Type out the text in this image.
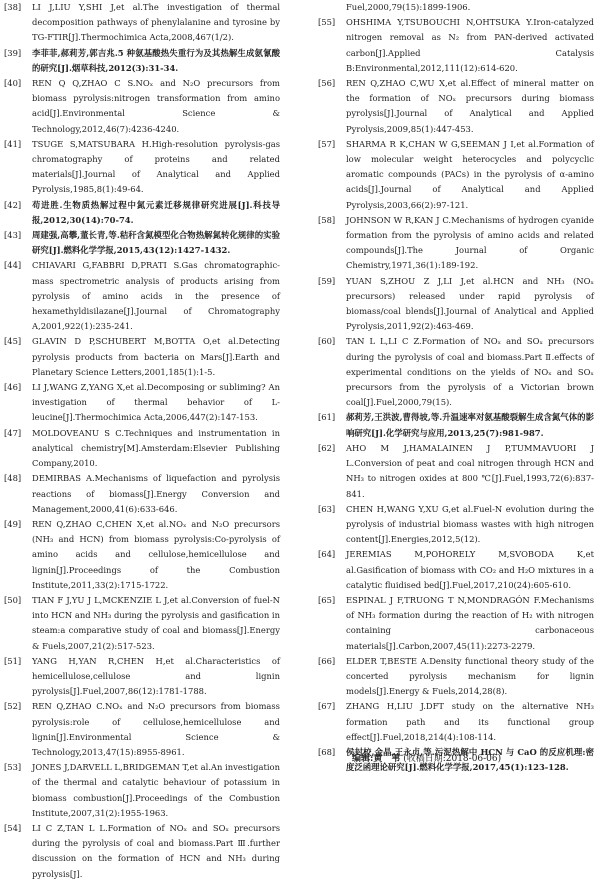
[38]	LI J,LIU Y,SHI J,et al.The investigation of thermal decomposition pathways of phenylalanine and tyrosine by TG-FTIR[J].Thermochimica Acta,2008,467(1/2).

[39]	李菲菲,郝莉芳,郭吉兆.5 种氨基酸热失重行为及其热解生成氨氰酸的研究[J].烟草科技,2012(3):31-34.

[40]	REN Q Q,ZHAO C S.NOₓ and N₂O precursors from biomass pyrolysis:nitrogen transformation from amino acid[J].Environmental Science & Technology,2012,46(7):4236-4240.

[41]	TSUGE S,MATSUBARA H.High-resolution pyrolysis-gas chromatography of proteins and related materials[J].Journal of Analytical and Applied Pyrolysis,1985,8(1):49-64.

[42]	苟进胜.生物质热解过程中氮元素迁移规律研究进展[J].科技导报,2012,30(14):70-74.

[43]	周建强,高攀,董长青,等.秸秆含氮模型化合物热解氮转化规律的实验研究[J].燃料化学学报,2015,43(12):1427-1432.

[44]	CHIAVARI G,FABBRI D,PRATI S.Gas chromatographic-mass spectrometric analysis of products arising from pyrolysis of amino acids in the presence of hexamethyldisilazane[J].Journal of Chromatography A,2001,922(1):235-241.

[45]	GLAVIN D P,SCHUBERT M,BOTTA O,et al.Detecting pyrolysis products from bacteria on Mars[J].Earth and Planetary Science Letters,2001,185(1):1-5.

[46]	LI J,WANG Z,YANG X,et al.Decomposing or subliming? An investigation of thermal behavior of L-leucine[J].Thermochimica Acta,2006,447(2):147-153.

[47]	MOLDOVEANU S C.Techniques and instrumentation in analytical chemistry[M].Amsterdam:Elsevier Publishing Company,2010.

[48]	DEMIRBAS A.Mechanisms of liquefaction and pyrolysis reactions of biomass[J].Energy Conversion and Management,2000,41(6):633-646.

[49]	REN Q,ZHAO C,CHEN X,et al.NOₓ and N₂O precursors (NH₃ and HCN) from biomass pyrolysis:Co-pyrolysis of amino acids and cellulose,hemicellulose and lignin[J].Proceedings of the Combustion Institute,2011,33(2):1715-1722.

[50]	TIAN F J,YU J L,MCKENZIE L J,et al.Conversion of fuel-N into HCN and NH₃ during the pyrolysis and gasification in steam:a comparative study of coal and biomass[J].Energy & Fuels,2007,21(2):517-523.

[51]	YANG H,YAN R,CHEN H,et al.Characteristics of hemicellulose,cellulose and lignin pyrolysis[J].Fuel,2007,86(12):1781-1788.

[52]	REN Q,ZHAO C.NOₓ and N₂O precursors from biomass pyrolysis:role of cellulose,hemicellulose and lignin[J].Environmental Science & Technology,2013,47(15):8955-8961.

[53]	JONES J,DARVELL L,BRIDGEMAN T,et al.An investigation of the thermal and catalytic behaviour of potassium in biomass combustion[J].Proceedings of the Combustion Institute,2007,31(2):1955-1963.

[54]	LI C Z,TAN L L.Formation of NOₓ and SOₓ precursors during the pyrolysis of coal and biomass.Part Ⅲ.further discussion on the formation of HCN and NH₃ during pyrolysis[J].

Fuel,2000,79(15):1899-1906.

[55]	OHSHIMA Y,TSUBOUCHI N,OHTSUKA Y.Iron-catalyzed nitrogen removal as N₂ from PAN-derived activated carbon[J].Applied Catalysis B:Environmental,2012,111(12):614-620.

[56]	REN Q,ZHAO C,WU X,et al.Effect of mineral matter on the formation of NOₓ precursors during biomass pyrolysis[J].Journal of Analytical and Applied Pyrolysis,2009,85(1):447-453.

[57]	SHARMA R K,CHAN W G,SEEMAN J I,et al.Formation of low molecular weight heterocycles and polycyclic aromatic compounds (PACs) in the pyrolysis of α-amino acids[J].Journal of Analytical and Applied Pyrolysis,2003,66(2):97-121.

[58]	JOHNSON W R,KAN J C.Mechanisms of hydrogen cyanide formation from the pyrolysis of amino acids and related compounds[J].The Journal of Organic Chemistry,1971,36(1):189-192.

[59]	YUAN S,ZHOU Z J,LI J,et al.HCN and NH₃ (NOₓ precursors) released under rapid pyrolysis of biomass/coal blends[J].Journal of Analytical and Applied Pyrolysis,2011,92(2):463-469.

[60]	TAN L L,LI C Z.Formation of NOₓ and SOₓ precursors during the pyrolysis of coal and biomass.Part Ⅱ.effects of experimental conditions on the yields of NOₓ and SOₓ precursors from the pyrolysis of a Victorian brown coal[J].Fuel,2000,79(15).

[61]	郝莉芳,王洪波,曹得坡,等.升温速率对氨基酸裂解生成含氮气体的影响研究[J].化学研究与应用,2013,25(7):981-987.

[62]	AHO M J,HAMALAINEN J P,TUMMAVUORI J L.Conversion of peat and coal nitrogen through HCN and NH₃ to nitrogen oxides at 800 ℃[J].Fuel,1993,72(6):837-841.

[63]	CHEN H,WANG Y,XU G,et al.Fuel-N evolution during the pyrolysis of industrial biomass wastes with high nitrogen content[J].Energies,2012,5(12).

[64]	JEREMIAS M,POHORELY M,SVOBODA K,et al.Gasification of biomass with CO₂ and H₂O mixtures in a catalytic fluidised bed[J].Fuel,2017,210(24):605-610.

[65]	ESPINAL J F,TRUONG T N,MONDRAGÓN F.Mechanisms of NH₃ formation during the reaction of H₂ with nitrogen containing carbonaceous materials[J].Carbon,2007,45(11):2273-2279.

[66]	ELDER T,BESTE A.Density functional theory study of the concerted pyrolysis mechanism for lignin models[J].Energy & Fuels,2014,28(8).

[67]	ZHANG H,LIU J.DFT study on the alternative NH₃ formation path and its functional group effect[J].Fuel,2018,214(4):108-114.

[68]	侯封校,金晶,王永贞,等.污泥热解中 HCN 与 CaO 的反应机理:密度泛函理论研究[J].燃料化学学报,2017,45(1):123-128.

编辑:黄　苇 (收稿日期:2018-06-06)
